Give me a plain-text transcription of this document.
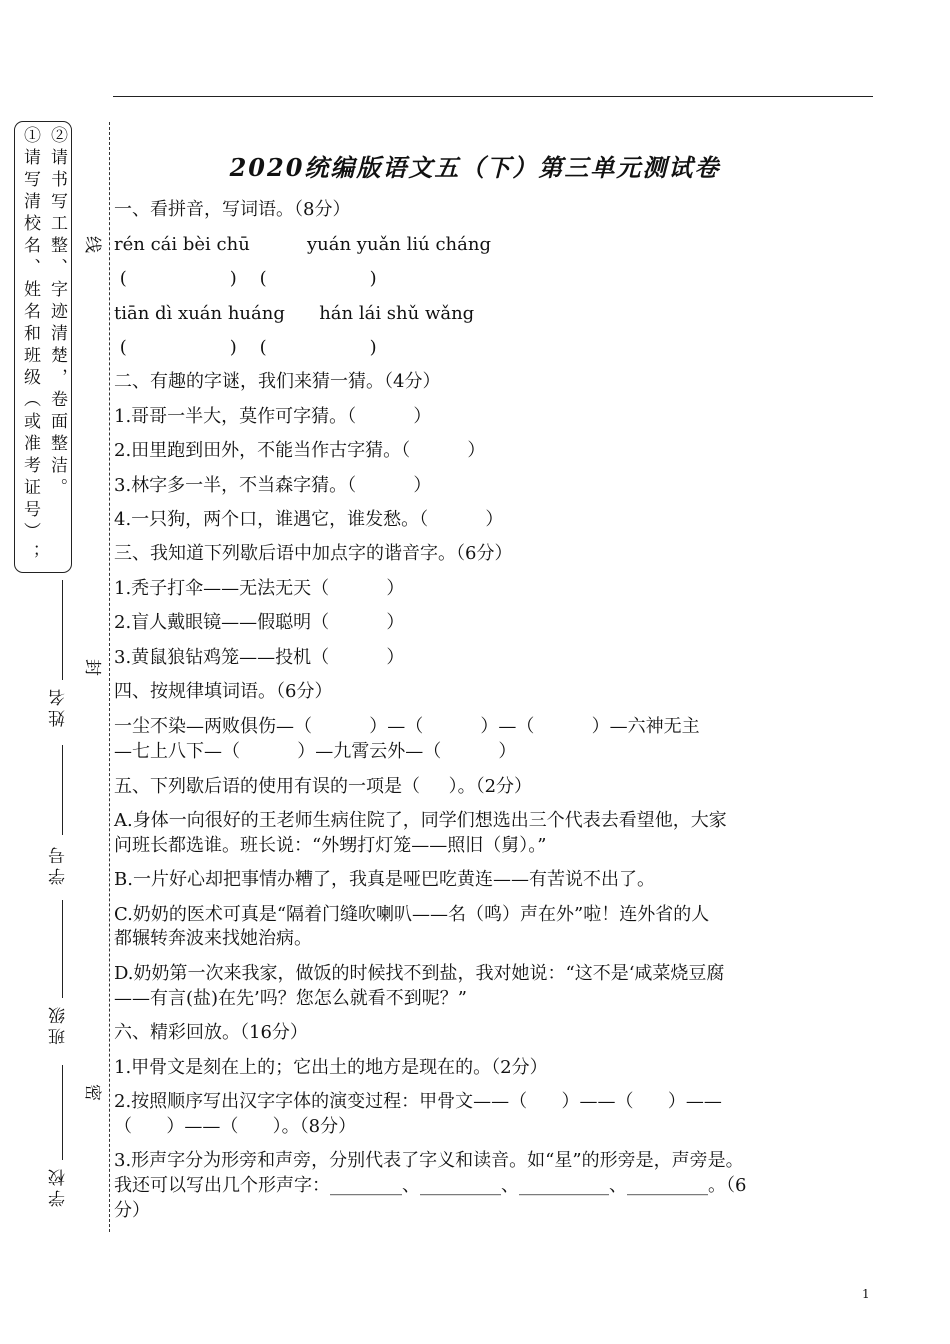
①请写清校名、姓名和班级（或准考证号）； ②请书写工整、字迹清楚，卷面整洁。 线
封
密
姓名
学号
班级
学校
2020统编版语文五（下）第三单元测试卷
一、看拼音，写词语。（8分）
rén cái bèi chū          yuán yuǎn liú cháng
(                  )    (                  )
tiān dì xuán huáng      hán lái shǔ wǎng
(                  )    (                  )
二、有趣的字谜，我们来猜一猜。（4分）
1.哥哥一半大，莫作可字猜。（          ）
2.田里跑到田外，不能当作古字猜。（          ）
3.林字多一半，不当森字猜。（          ）
4.一只狗，两个口，谁遇它，谁发愁。（          ）
三、我知道下列歇后语中加点字的谐音字。（6分）
1.秃子打伞——无法无天（          ）
2.盲人戴眼镜——假聪明（          ）
3.黄鼠狼钻鸡笼——投机（          ）
四、按规律填词语。（6分）
一尘不染—两败俱伤—（          ）—（          ）—（          ）—六神无主
—七上八下—（          ）—九霄云外—（          ）
五、下列歇后语的使用有误的一项是（     ）。（2分）
A.身体一向很好的王老师生病住院了，同学们想选出三个代表去看望他，大家
问班长都选谁。班长说：“外甥打灯笼——照旧（舅）。”
B.一片好心却把事情办糟了，我真是哑巴吃黄连——有苦说不出了。
C.奶奶的医术可真是“隔着门缝吹喇叭——名（鸣）声在外”啦！连外省的人
都辗转奔波来找她治病。
D.奶奶第一次来我家，做饭的时候找不到盐，我对她说：“这不是‘咸菜烧豆腐
——有言(盐)在先’吗？您怎么就看不到呢？”
六、精彩回放。（16分）
1.甲骨文是刻在上的；它出土的地方是现在的。（2分）
2.按照顺序写出汉字字体的演变过程：甲骨文——（      ）——（      ）——
（      ）——（      ）。（8分）
3.形声字分为形旁和声旁，分别代表了字义和读音。如“星”的形旁是，声旁是。
我还可以写出几个形声字：________、_________、__________、_________。（6
分）
1
